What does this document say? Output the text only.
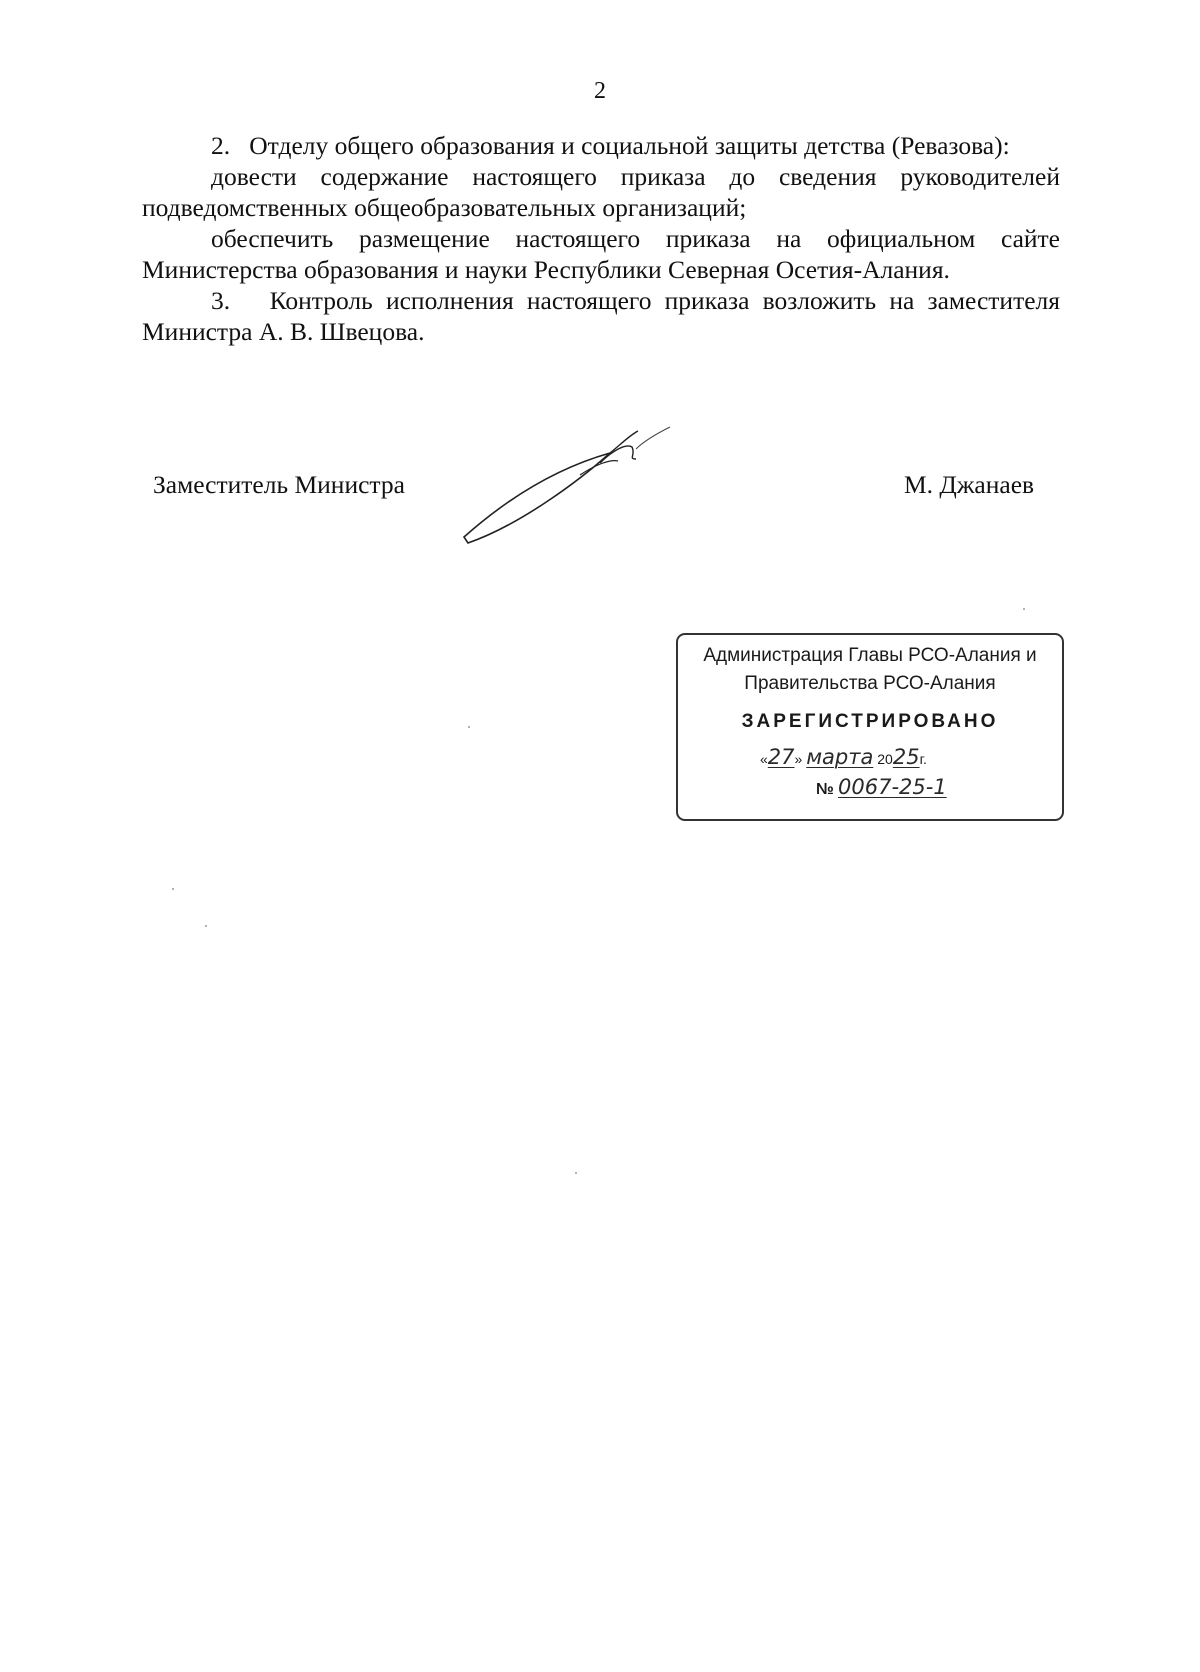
2

2.   Отделу общего образования и социальной защиты детства (Ревазова):

довести содержание настоящего приказа до сведения руководителей подведомственных общеобразовательных организаций;

обеспечить размещение настоящего приказа на официальном сайте Министерства образования и науки Республики Северная Осетия-Алания.

3.   Контроль исполнения настоящего приказа возложить на заместителя Министра А. В. Швецова.

Заместитель Министра	М. Джанаев
Администрация Главы РСО-Алания и
Правительства РСО-Алания
ЗАРЕГИСТРИРОВАНО
«27» марта 2025г.
№ 0067-25-1
